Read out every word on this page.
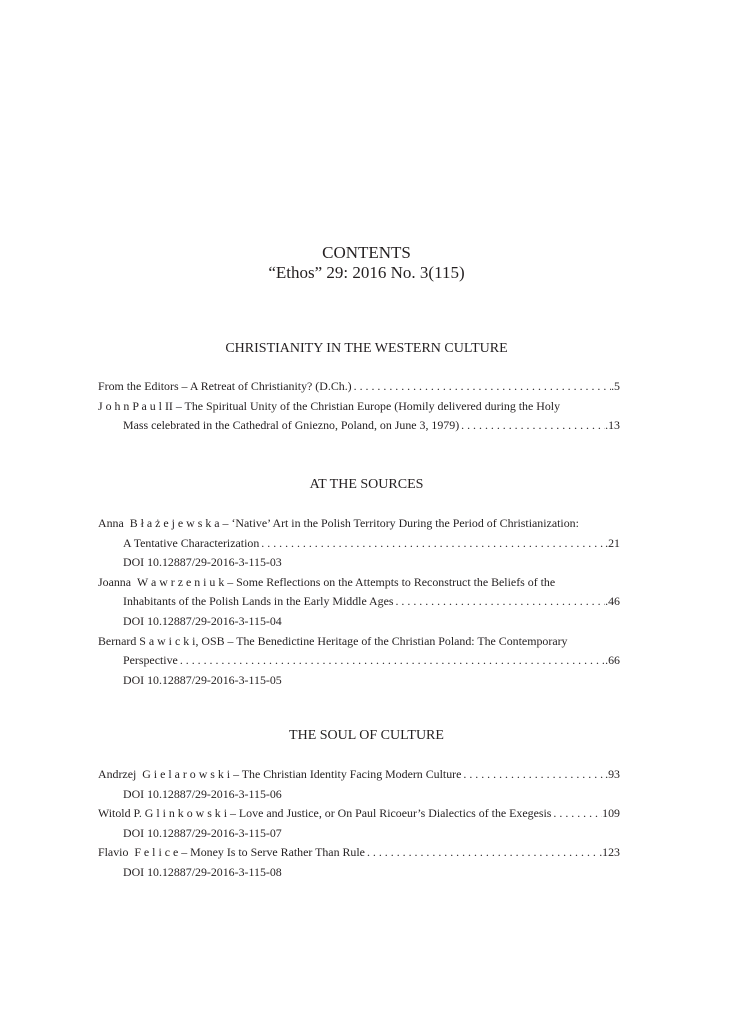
CONTENTS
“Ethos” 29: 2016 No. 3(115)
CHRISTIANITY IN THE WESTERN CULTURE
From the Editors – A Retreat of Christianity? (D.Ch.) . . .	.5
J o h n P a u l II – The Spiritual Unity of the Christian Europe (Homily delivered during the Holy
Mass celebrated in the Cathedral of Gniezno, Poland, on June 3, 1979) . . .	.13
AT THE SOURCES
Anna B ł a ż e j e w s k a – ‘Native’ Art in the Polish Territory During the Period of Christianization:
A Tentative Characterization . . .	.21
DOI 10.12887/29-2016-3-115-03
Joanna W a w r z e n i u k – Some Reflections on the Attempts to Reconstruct the Beliefs of the
Inhabitants of the Polish Lands in the Early Middle Ages . . .	.46
DOI 10.12887/29-2016-3-115-04
Bernard S a w i c k i, OSB – The Benedictine Heritage of the Christian Poland: The Contemporary
Perspective . . .	.66
DOI 10.12887/29-2016-3-115-05
THE SOUL OF CULTURE
Andrzej G i e l a r o w s k i – The Christian Identity Facing Modern Culture . . .	.93
DOI 10.12887/29-2016-3-115-06
Witold P. G l i n k o w s k i – Love and Justice, or On Paul Ricoeur’s Dialectics of the Exegesis . . .	109
DOI 10.12887/29-2016-3-115-07
Flavio F e l i c e – Money Is to Serve Rather Than Rule . . .	.123
DOI 10.12887/29-2016-3-115-08
